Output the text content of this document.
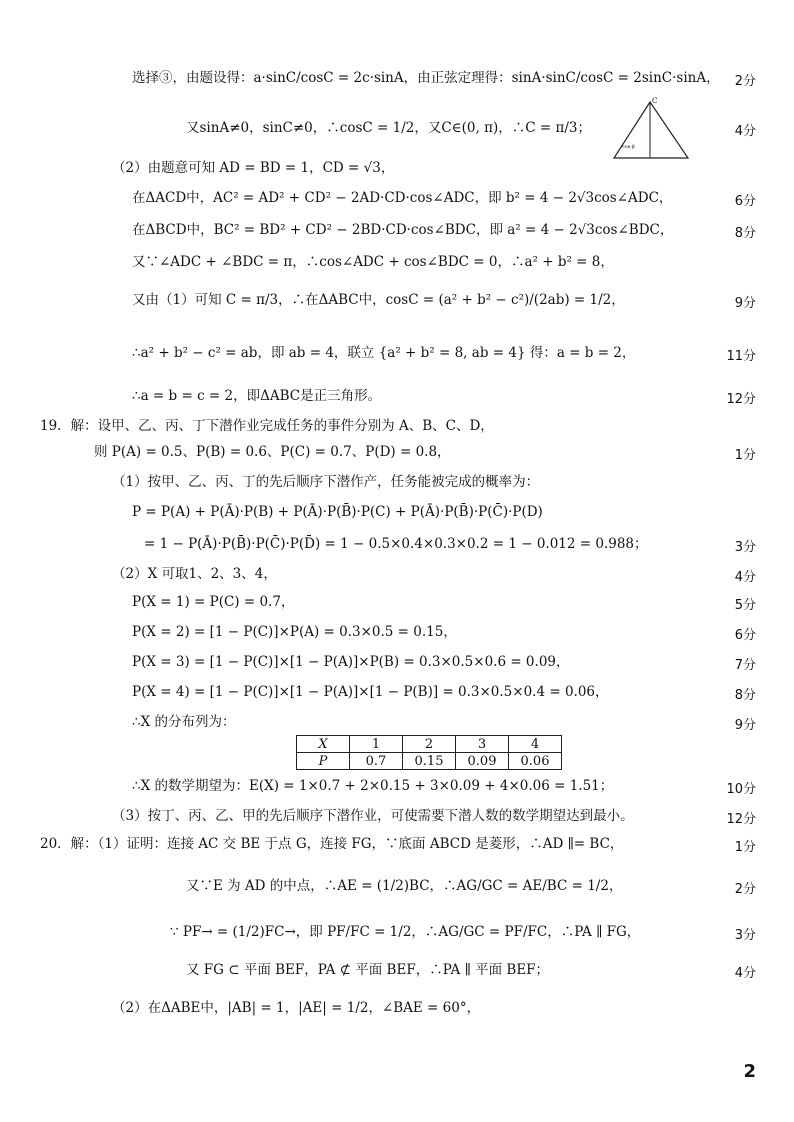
选择③，由题设得：a·sinC/cosC = 2c·sinA，由正弦定理得：sinA·sinC/cosC = 2sinC·sinA， 2分
又sinA≠0，sinC≠0，∴cosC = 1/2，又C∈(0, π)，∴C = π/3；	4分
（2）由题意可知 AD = BD = 1，CD = √3，
在ΔACD中，AC² = AD² + CD² − 2AD·CD·cos∠ADC，即 b² = 4 − 2√3cos∠ADC，	6分
在ΔBCD中，BC² = BD² + CD² − 2BD·CD·cos∠BDC，即 a² = 4 − 2√3cos∠BDC，	8分
又∵∠ADC + ∠BDC = π，∴cos∠ADC + cos∠BDC = 0，∴a² + b² = 8，
又由（1）可知 C = π/3，∴在ΔABC中，cosC = (a² + b² − c²)/(2ab) = 1/2，	9分
∴a² + b² − c² = ab，即 ab = 4，联立 {a² + b² = 8, ab = 4} 得：a = b = 2，	11分
∴a = b = c = 2，即ΔABC是正三角形。	12分
19．解：设甲、乙、丙、丁下潜作业完成任务的事件分别为 A、B、C、D，
则 P(A) = 0.5、P(B) = 0.6、P(C) = 0.7、P(D) = 0.8，	1分
（1）按甲、乙、丙、丁的先后顺序下潜作产，任务能被完成的概率为：
P = P(A) + P(Ā)·P(B) + P(Ā)·P(B̄)·P(C) + P(Ā)·P(B̄)·P(C̄)·P(D)
= 1 − P(Ā)·P(B̄)·P(C̄)·P(D̄) = 1 − 0.5×0.4×0.3×0.2 = 1 − 0.012 = 0.988；	3分
（2）X 可取1、2、3、4，	4分
P(X = 1) = P(C) = 0.7，	5分
P(X = 2) = [1 − P(C)]×P(A) = 0.3×0.5 = 0.15，	6分
P(X = 3) = [1 − P(C)]×[1 − P(A)]×P(B) = 0.3×0.5×0.6 = 0.09，	7分
P(X = 4) = [1 − P(C)]×[1 − P(A)]×[1 − P(B)] = 0.3×0.5×0.4 = 0.06，	8分
∴X 的分布列为：	9分
∴X 的数学期望为：E(X) = 1×0.7 + 2×0.15 + 3×0.09 + 4×0.06 = 1.51；	10分
（3）按丁、丙、乙、甲的先后顺序下潜作业，可使需要下潜人数的数学期望达到最小。	12分
20．解：（1）证明：连接 AC 交 BE 于点 G，连接 FG，∵底面 ABCD 是菱形，∴AD ∥= BC，	1分
又∵E 为 AD 的中点，∴AE = (1/2)BC，∴AG/GC = AE/BC = 1/2，	2分
∵ PF→ = (1/2)FC→，即 PF/FC = 1/2，∴AG/GC = PF/FC，∴PA ∥ FG，	3分
又 FG ⊂ 平面 BEF，PA ⊄ 平面 BEF，∴PA ∥ 平面 BEF；	4分
（2）在ΔABE中，|AB| = 1，|AE| = 1/2，∠BAE = 60°，
X	1	2	3	4
P	0.7	0.15	0.09	0.06
C
cos·β
2
